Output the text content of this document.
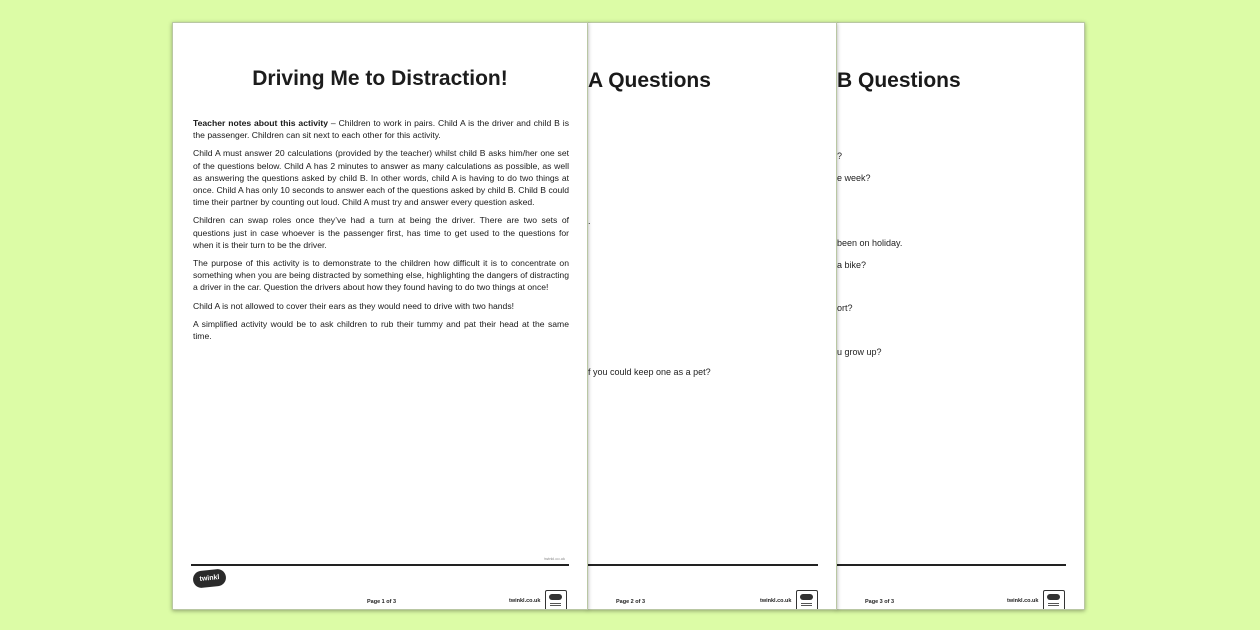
B Questions
?
e week?
been on holiday.
a bike?
ort?
u grow up?
Page 3 of 3	twinkl.co.uk
A Questions
.
f you could keep one as a pet?
Page 2 of 3	twinkl.co.uk
Driving Me to Distraction!

Teacher notes about this activity – Children to work in pairs. Child A is the driver and child B is the passenger. Children can sit next to each other for this activity.

Child A must answer 20 calculations (provided by the teacher) whilst child B asks him/her one set of the questions below. Child A has 2 minutes to answer as many calculations as possible, as well as answering the questions asked by child B. In other words, child A is having to do two things at once. Child A has only 10 seconds to answer each of the questions asked by child B. Child B could time their partner by counting out loud. Child A must try and answer every question asked.

Children can swap roles once they’ve had a turn at being the driver. There are two sets of questions just in case whoever is the passenger first, has time to get used to the questions for when it is their turn to be the driver.

The purpose of this activity is to demonstrate to the children how difficult it is to concentrate on something when you are being distracted by something else, highlighting the dangers of distracting a driver in the car. Question the drivers about how they found having to do two things at once!

Child A is not allowed to cover their ears as they would need to drive with two hands!

A simplified activity would be to ask children to rub their tummy and pat their head at the same time.

twinkl.co.uk
twinkl
Page 1 of 3	twinkl.co.uk
